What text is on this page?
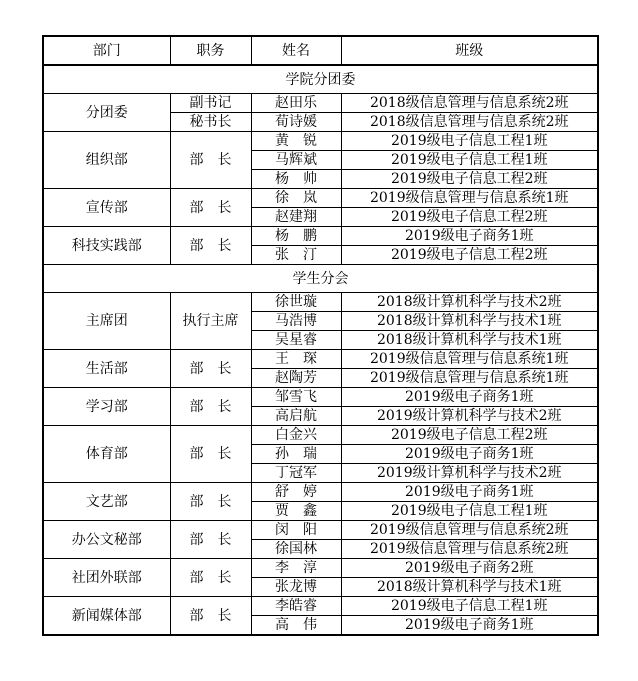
部门	职务	姓名	班级
学院分团委			
分团委	副书记	赵田乐	2018级信息管理与信息系统2班
	秘书长	荀诗媛	2018级信息管理与信息系统2班
组织部	部　长	黄　锐	2019级电子信息工程1班
		马辉斌	2019级电子信息工程1班
		杨　帅	2019级电子信息工程2班
宣传部	部　长	徐　岚	2019级信息管理与信息系统1班
		赵建翔	2019级电子信息工程2班
科技实践部	部　长	杨　鹏	2019级电子商务1班
		张　汀	2019级电子信息工程2班
学生分会			
主席团	执行主席	徐世璇	2018级计算机科学与技术2班
		马浩博	2018级计算机科学与技术1班
		吴星睿	2018级计算机科学与技术1班
生活部	部　长	王　琛	2019级信息管理与信息系统1班
		赵陶芳	2019级信息管理与信息系统1班
学习部	部　长	邹雪飞	2019级电子商务1班
		高启航	2019级计算机科学与技术2班
体育部	部　长	白金兴	2019级电子信息工程2班
		孙　瑞	2019级电子商务1班
		丁冠军	2019级计算机科学与技术2班
文艺部	部　长	舒　婷	2019级电子商务1班
		贾　鑫	2019级电子信息工程1班
办公文秘部	部　长	闵　阳	2019级信息管理与信息系统2班
		徐国林	2019级信息管理与信息系统2班
社团外联部	部　长	李　淳	2019级电子商务2班
		张龙博	2018级计算机科学与技术1班
新闻媒体部	部　长	李皓睿	2019级电子信息工程1班
		高　伟	2019级电子商务1班
